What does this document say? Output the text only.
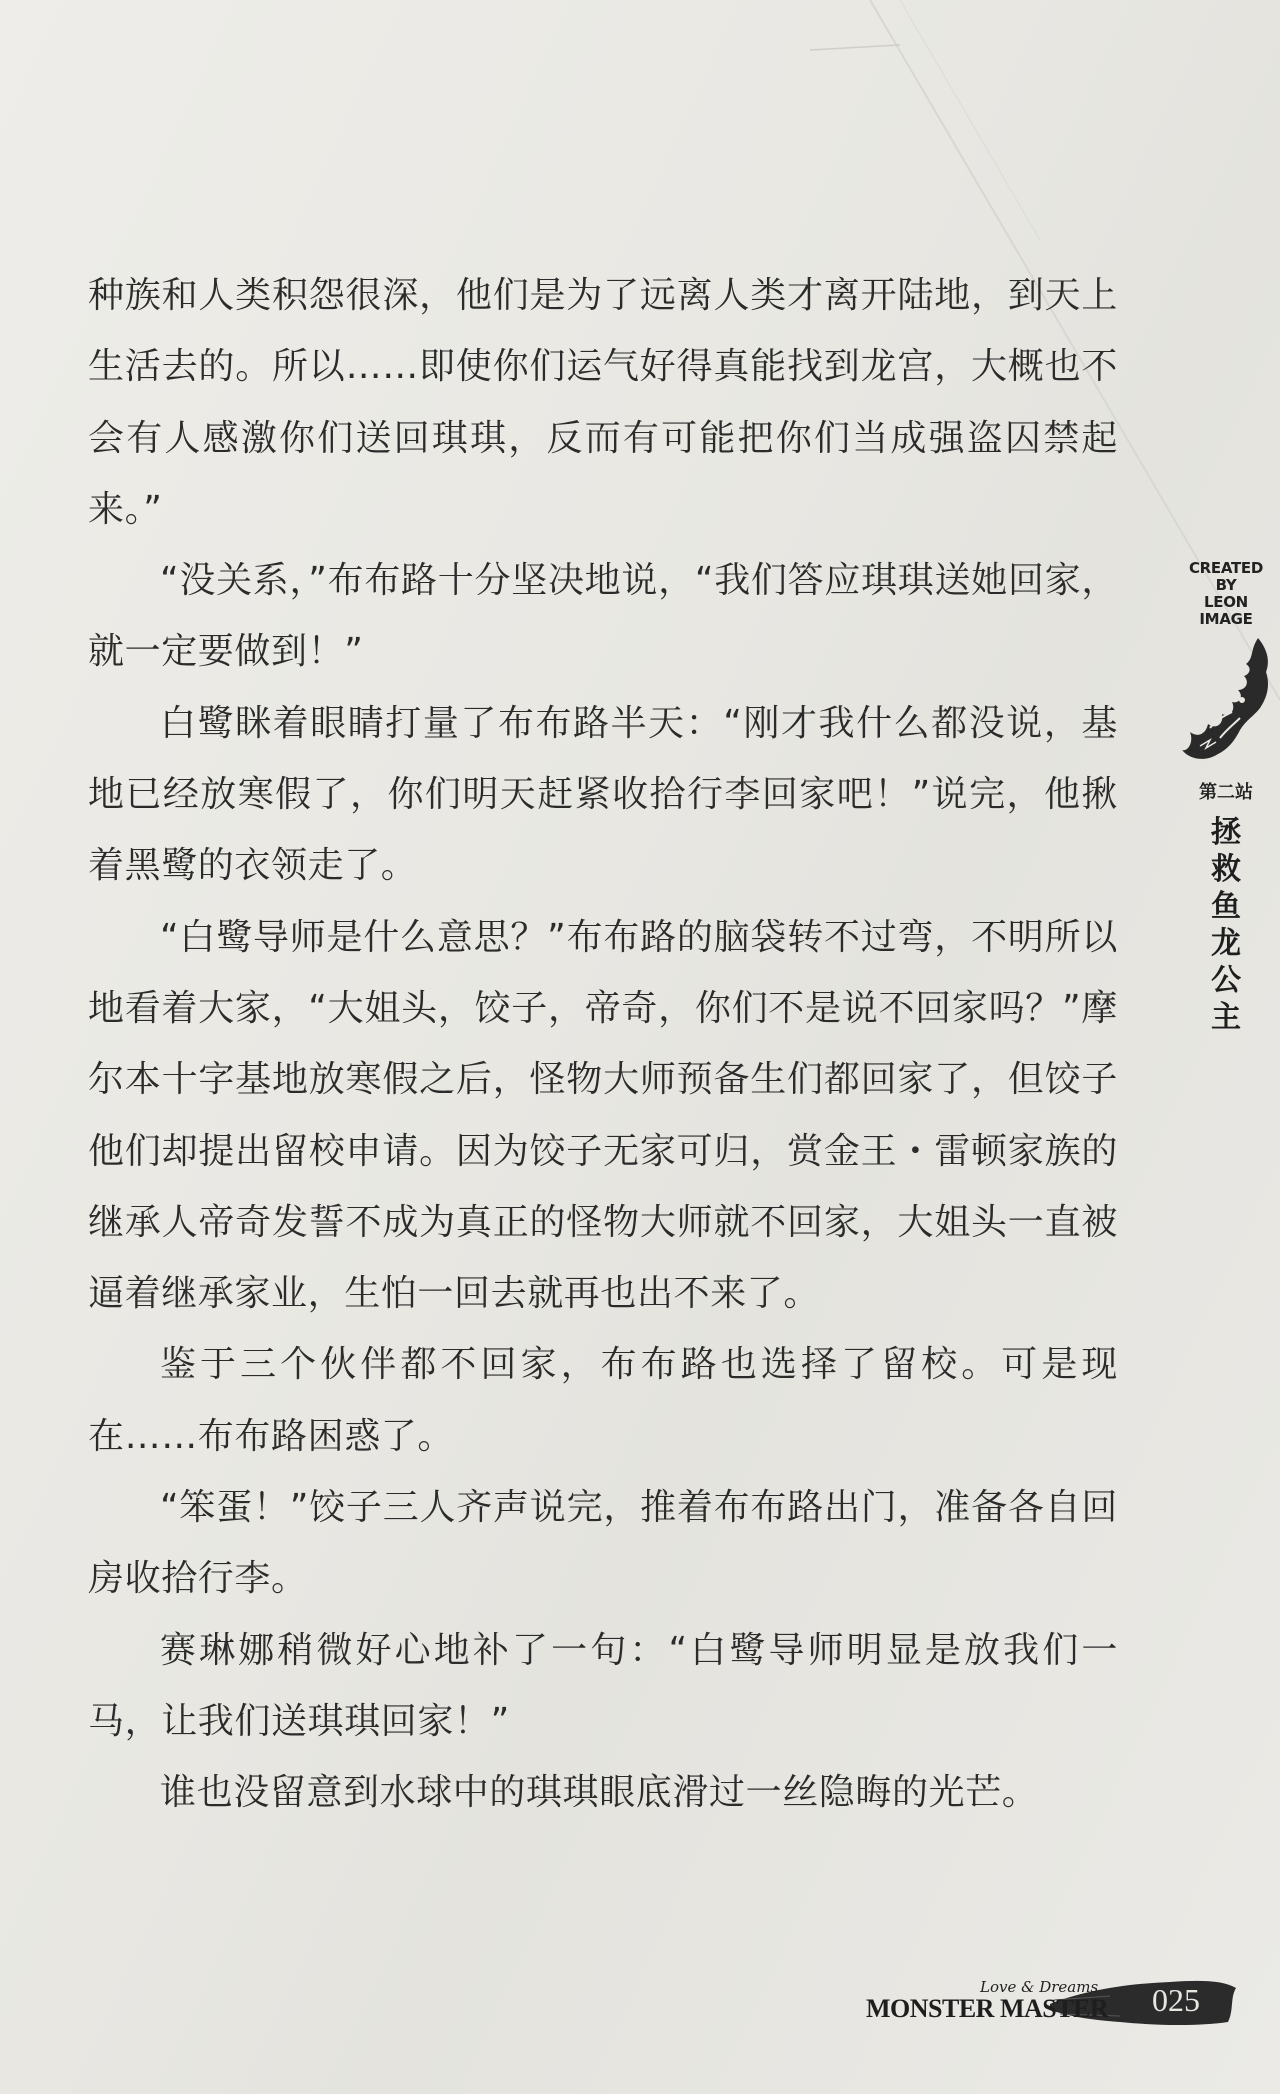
种族和人类积怨很深，他们是为了远离人类才离开陆地，到天上生活去的。所以……即使你们运气好得真能找到龙宫，大概也不会有人感激你们送回琪琪，反而有可能把你们当成强盗囚禁起来。”

“没关系，”布布路十分坚决地说，“我们答应琪琪送她回家，就一定要做到！”

白鹭眯着眼睛打量了布布路半天：“刚才我什么都没说，基地已经放寒假了，你们明天赶紧收拾行李回家吧！”说完，他揪着黑鹭的衣领走了。

“白鹭导师是什么意思？”布布路的脑袋转不过弯，不明所以地看着大家，“大姐头，饺子，帝奇，你们不是说不回家吗？”摩尔本十字基地放寒假之后，怪物大师预备生们都回家了，但饺子他们却提出留校申请。因为饺子无家可归，赏金王・雷顿家族的继承人帝奇发誓不成为真正的怪物大师就不回家，大姐头一直被逼着继承家业，生怕一回去就再也出不来了。

鉴于三个伙伴都不回家，布布路也选择了留校。可是现在……布布路困惑了。

“笨蛋！”饺子三人齐声说完，推着布布路出门，准备各自回房收拾行李。

赛琳娜稍微好心地补了一句：“白鹭导师明显是放我们一马，让我们送琪琪回家！”

谁也没留意到水球中的琪琪眼底滑过一丝隐晦的光芒。

CREATED
BY
LEON
IMAGE
第二站
拯救鱼龙公主
Love & Dreams
MONSTER MASTER 025
